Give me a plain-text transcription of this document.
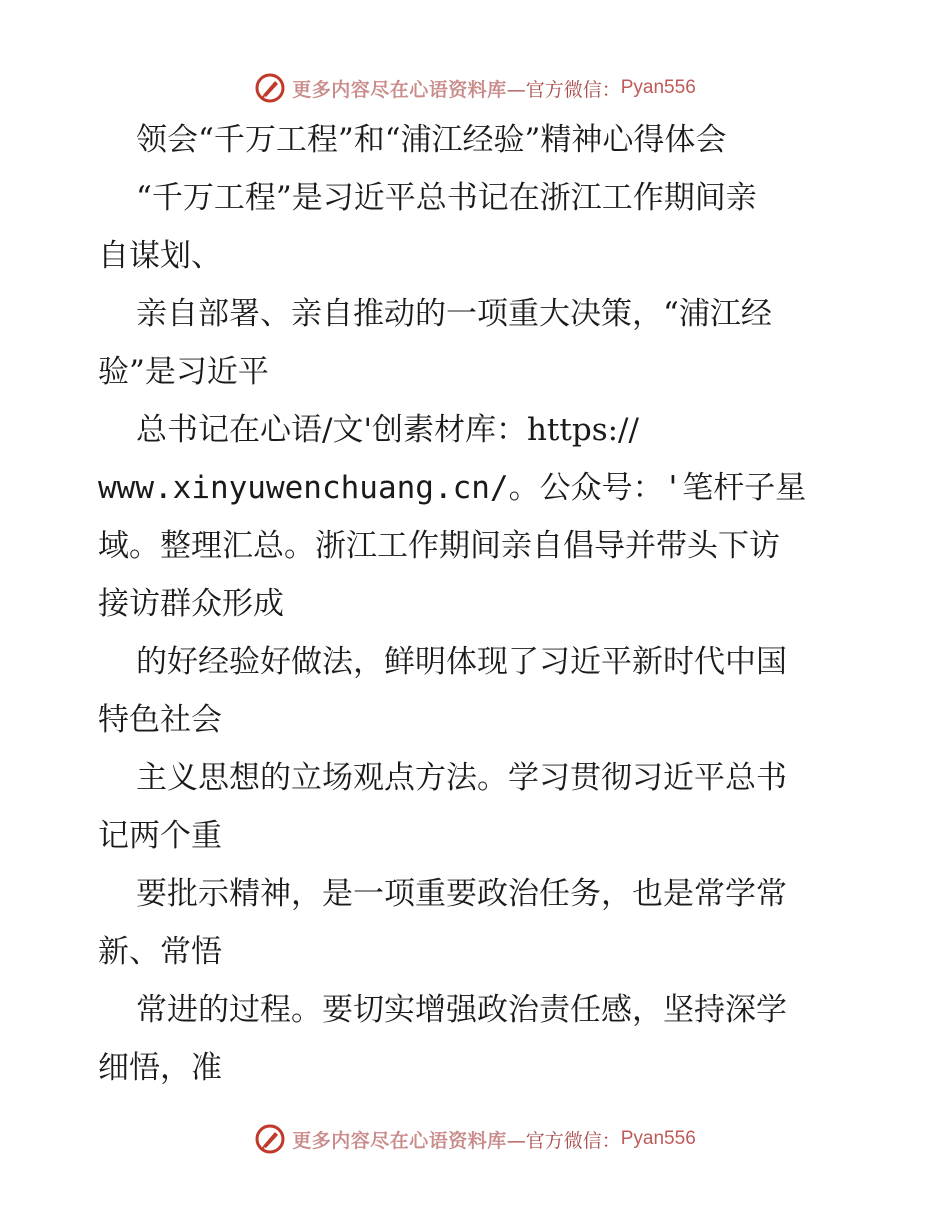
更多内容尽在心语资料库 —官方微信： Pyan556
领会“千万工程”和“浦江经验”精神心得体会
“千万工程”是习近平总书记在浙江工作期间亲
自谋划、
亲自部署、亲自推动的一项重大决策，“浦江经
验”是习近平
总书记在心语/文'创素材库：https://
www.xinyuwenchuang.cn/。公众号：'笔杆子星
域。整理汇总。浙江工作期间亲自倡导并带头下访
接访群众形成
的好经验好做法，鲜明体现了习近平新时代中国
特色社会
主义思想的立场观点方法。学习贯彻习近平总书
记两个重
要批示精神，是一项重要政治任务，也是常学常
新、常悟
常进的过程。要切实增强政治责任感，坚持深学
细悟，准
更多内容尽在心语资料库 —官方微信： Pyan556
